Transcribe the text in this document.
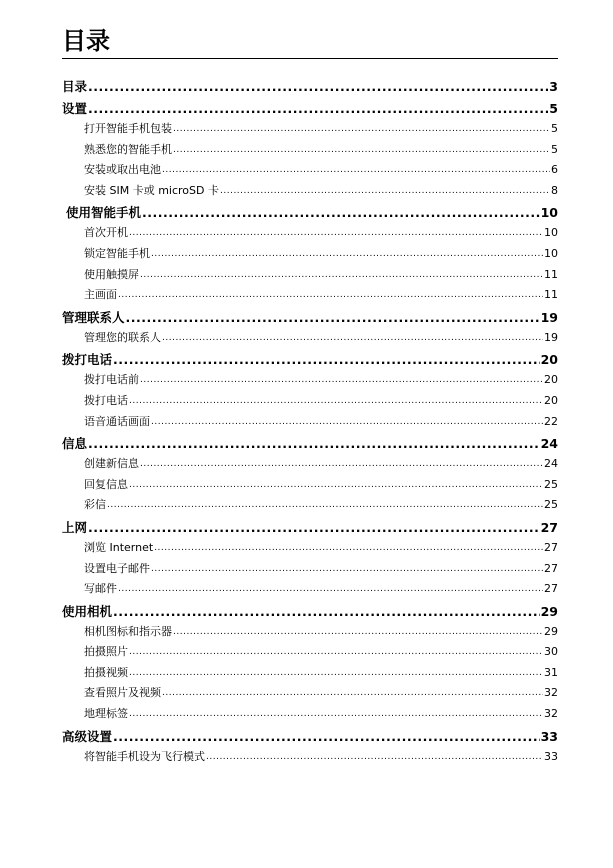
目录
目录 .....	3
设置 .....	5
打开智能手机包装 .....	5
熟悉您的智能手机 .....	5
安装或取出电池 .....	6
安装 SIM 卡或 microSD 卡 .....	8
使用智能手机 .....	10
首次开机 .....	10
锁定智能手机 .....	10
使用触摸屏 .....	11
主画面 .....	11
管理联系人 .....	19
管理您的联系人 .....	19
拨打电话 .....	20
拨打电话前 .....	20
拨打电话 .....	20
语音通话画面 .....	22
信息 .....	24
创建新信息 .....	24
回复信息 .....	25
彩信 .....	25
上网 .....	27
浏览 Internet .....	27
设置电子邮件 .....	27
写邮件 .....	27
使用相机 .....	29
相机图标和指示器 .....	29
拍摄照片 .....	30
拍摄视频 .....	31
查看照片及视频 .....	32
地理标签 .....	32
高级设置 .....	33
将智能手机设为飞行模式 .....	33
